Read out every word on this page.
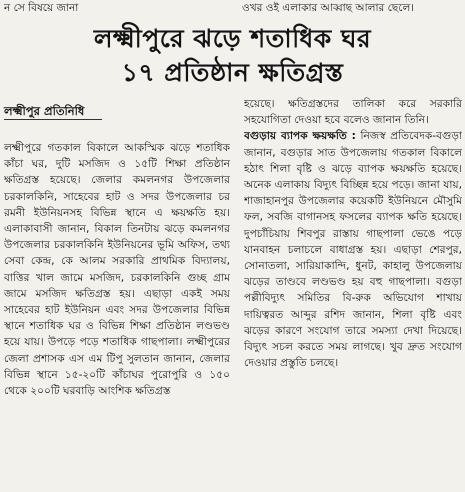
ন সে বিষয়ে জানা	ওখর ওই এলাকার আব্বাছ আলার ছেলে।
লক্ষ্মীপুরে ঝড়ে শতাধিক ঘর
১৭ প্রতিষ্ঠান ক্ষতিগ্রস্ত
লক্ষ্মীপুর প্রতিনিধি

লক্ষ্মীপুরে গতকাল বিকালে আকস্মিক ঝড়ে শতাধিক কাঁচা ঘর, দুটি মসজিদ ও ১৫টি শিক্ষা প্রতিষ্ঠান ক্ষতিগ্রস্ত হয়েছে। জেলার কমলনগর উপজেলার চরকালকিনি, সাহেবের হাট ও সদর উপজেলার চর রমনী ইউনিয়নসহ বিভিন্ন স্থানে এ ক্ষয়ক্ষতি হয়। এলাকাবাসী জানান, বিকাল তিনটায় ঝড়ে কমলনগর উপজেলার চরকালকিনি ইউনিয়নের ভূমি অফিস, তথ্য সেবা কেন্দ্র, কে আলম সরকারি প্রাথমিক বিদ্যালয়, বাত্তির খাল জামে মসজিদ, চরকালকিনি গুচ্ছ গ্রাম জামে মসজিদ ক্ষতিগ্রস্ত হয়। এছাড়া একই সময় সাহেবের হাট ইউনিয়ন এবং সদর উপজেলার বিভিন্ন স্থানে শতাধিক ঘর ও বিভিন্ন শিক্ষা প্রতিষ্ঠান লণ্ডভণ্ড হয়ে যায়। উপড়ে পড়ে শতাধিক গাছপালা। লক্ষ্মীপুরের জেলা প্রশাসক এস এম টিপু সুলতান জানান, জেলার বিভিন্ন স্থানে ১৫-২০টি কাঁচাঘর পুরোপুরি ও ১৫০ থেকে ২০০টি ঘরবাড়ি আংশিক ক্ষতিগ্রস্ত

হয়েছে। ক্ষতিগ্রস্তদের তালিকা করে সরকারি সহযোগিতা দেওয়া হবে বলেও জানান তিনি।

বগুড়ায় ব্যাপক ক্ষয়ক্ষতি : নিজস্ব প্রতিবেদক-বগুড়া জানান, বগুড়ার সাত উপজেলায় গতকাল বিকালে হঠাৎ শিলা বৃষ্টি ও ঝড়ে ব্যাপক ক্ষয়ক্ষতি হয়েছে। অনেক এলাকায় বিদ্যুৎ বিচ্ছিন্ন হয়ে পড়ে। জানা যায়, শাজাহানপুর উপজেলার কয়েকটি ইউনিয়নে মৌসুমি ফল, সবজি বাগানসহ ফসলের ব্যাপক ক্ষতি হয়েছে। দুপচাঁচিয়ায় শিবপুর রাস্তায় গাছপালা ভেঙে পড়ে যানবাহন চলাচলে বাধাগ্রস্ত হয়। এছাড়া শেরপুর, সোনাতলা, সারিয়াকান্দি, ধুনট, কাহালু উপজেলায় ঝড়ের তাণ্ডবে লণ্ডভণ্ড হয় বহু গাছপালা। বগুড়া পল্লীবিদ্যুৎ সমিতির বি-রুক অভিযোগ শাখায় দায়িত্বরত আব্দুর রশিদ জানান, শিলা বৃষ্টি এবং ঝড়ের কারণে সংযোগ তারে সমস্যা দেখা দিয়েছে। বিদ্যুৎ সচল করতে সময় লাগছে। খুব দ্রুত সংযোগ দেওয়ার প্রস্তুতি চলছে।
